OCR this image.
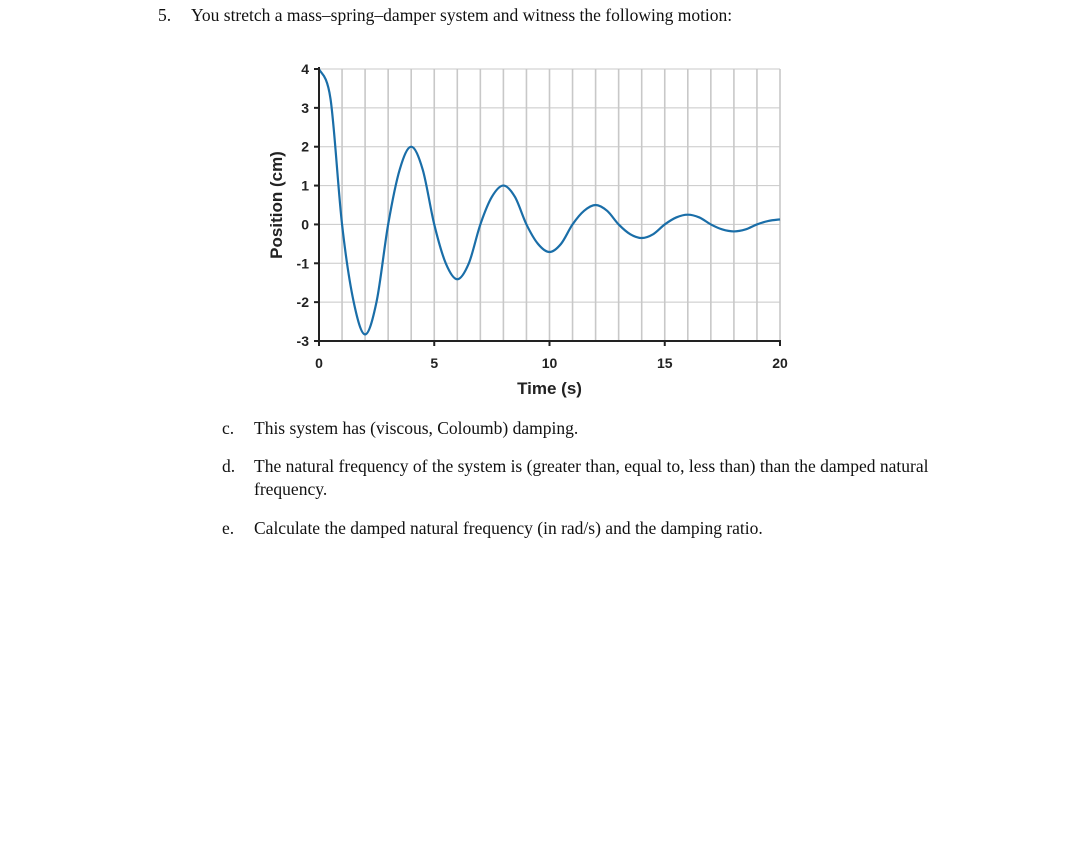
5. You stretch a mass–spring–damper system and witness the following motion:
4
3
2
1
0
-1
-2
-3
0	5	10	15	20
Time (s)
Position (cm)
c. This system has (viscous, Coloumb) damping.
d. The natural frequency of the system is (greater than, equal to, less than) than the damped natural frequency.
e. Calculate the damped natural frequency (in rad/s) and the damping ratio.
